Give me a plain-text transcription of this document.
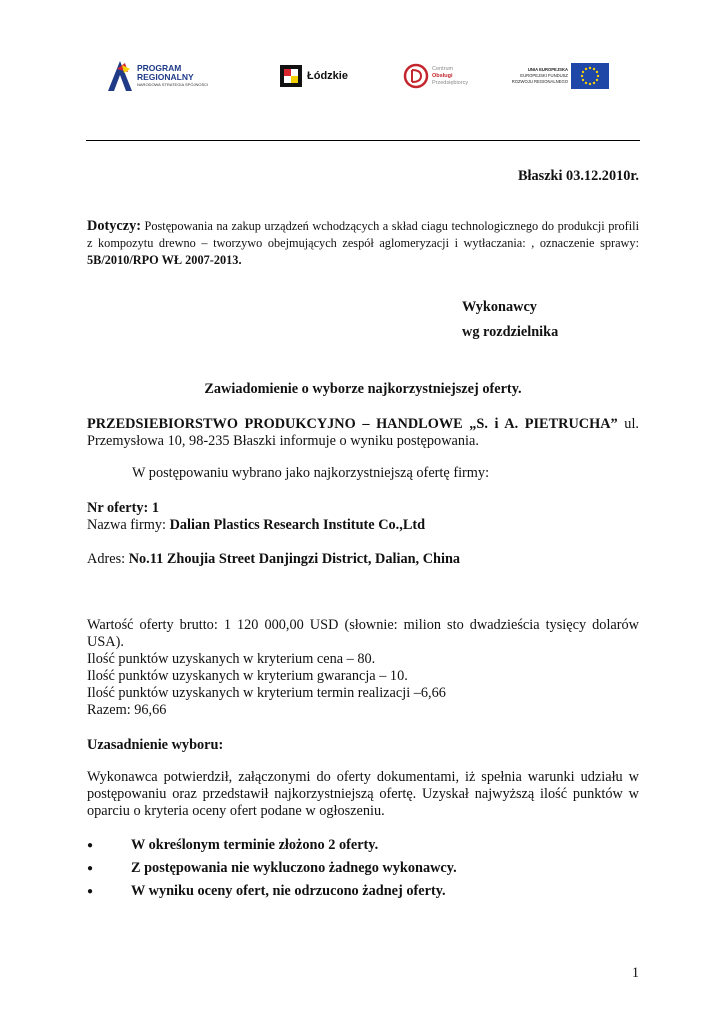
PROGRAM
REGIONALNY
NARODOWA STRATEGIA SPÓJNOŚCI
Łódzkie
Centrum
Obsługi
Przedsiębiorcy
UNIA EUROPEJSKA
EUROPEJSKI FUNDUSZ
ROZWOJU REGIONALNEGO
Błaszki 03.12.2010r.
Dotyczy: Postępowania na zakup urządzeń wchodzących a skład ciagu technologicznego do produkcji profili z kompozytu drewno – tworzywo obejmujących zespół aglomeryzacji i wytłaczania: , oznaczenie sprawy: 5B/2010/RPO WŁ 2007-2013.
Wykonawcy
wg rozdzielnika
Zawiadomienie o wyborze najkorzystniejszej oferty.
PRZEDSIEBIORSTWO PRODUKCYJNO – HANDLOWE „S. i A. PIETRUCHA” ul. Przemysłowa 10, 98-235 Błaszki informuje o wyniku postępowania.
W postępowaniu wybrano jako najkorzystniejszą ofertę firmy:
Nr oferty: 1
Nazwa firmy: Dalian Plastics Research Institute Co.,Ltd
Adres: No.11 Zhoujia Street Danjingzi District, Dalian, China
Wartość oferty brutto: 1 120 000,00 USD (słownie: milion sto dwadzieścia tysięcy dolarów USA).
Ilość punktów uzyskanych w kryterium cena – 80.
Ilość punktów uzyskanych w kryterium gwarancja – 10.
Ilość punktów uzyskanych w kryterium termin realizacji –6,66
Razem: 96,66
Uzasadnienie wyboru:
Wykonawca potwierdził, załączonymi do oferty dokumentami, iż spełnia warunki udziału w postępowaniu oraz przedstawił najkorzystniejszą ofertę. Uzyskał najwyższą ilość punktów w oparciu o kryteria oceny ofert podane w ogłoszeniu.
●	W określonym terminie złożono 2 oferty.
●	Z postępowania nie wykluczono żadnego wykonawcy.
●	W wyniku oceny ofert, nie odrzucono żadnej oferty.
1
